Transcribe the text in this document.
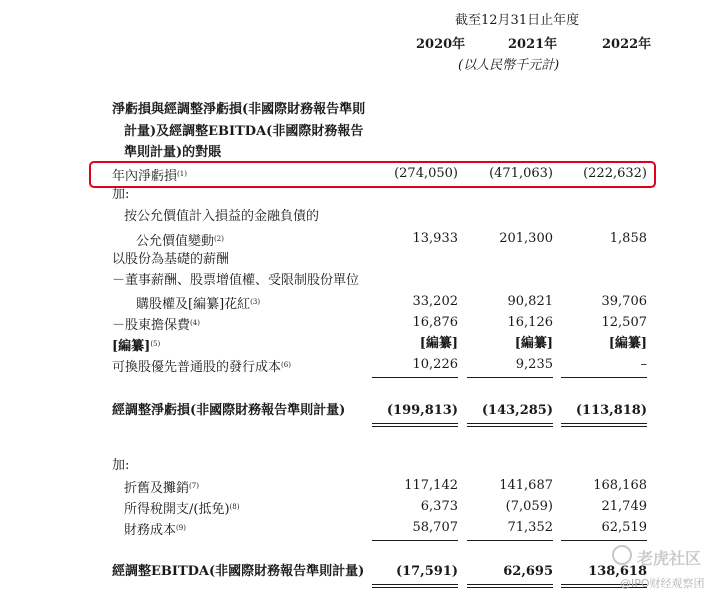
截至12月31日止年度
2020年	2021年	2022年
(以人民幣千元計)
淨虧損與經調整淨虧損(非國際財務報告準則
計量)及經調整EBITDA(非國際財務報告
準則計量)的對賬
年內淨虧損$^{(1)}$	(274,050) (471,063) (222,632)
加:
按公允價值計入損益的金融負債的
公允價值變動$^{(2)}$	13,933	201,300	1,858
以股份為基礎的薪酬
－董事薪酬、股票增值權、受限制股份單位
購股權及[編纂]花紅$^{(3)}$	33,202	90,821	39,706
－股東擔保費$^{(4)}$	16,876	16,126	12,507
[編纂]$^{(5)}$	[編纂]	[編纂]	[編纂]
可換股優先普通股的發行成本$^{(6)}$	10,226	9,235	–
經調整淨虧損(非國際財務報告準則計量)	(199,813) (143,285) (113,818)
加:
折舊及攤銷$^{(7)}$	117,142	141,687	168,168
所得稅開支/(抵免)$^{(8)}$	6,373	(7,059)	21,749
財務成本$^{(9)}$	58,707	71,352	62,519
經調整EBITDA(非國際財務報告準則計量) (17,591)	62,695	138,618
老虎社区
@IPO财经观察团
